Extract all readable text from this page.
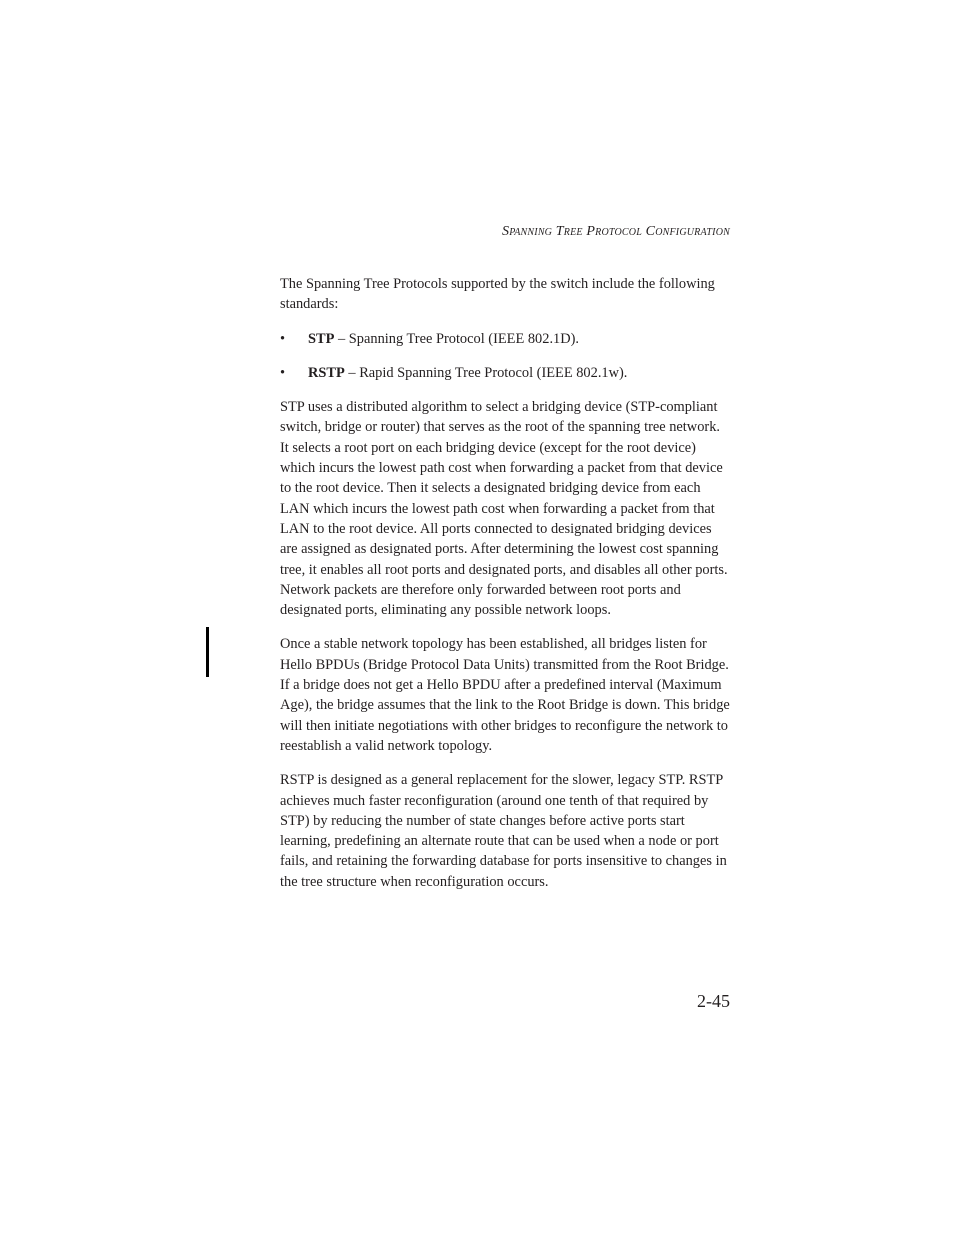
Spanning Tree Protocol Configuration

The Spanning Tree Protocols supported by the switch include the following standards:

• STP – Spanning Tree Protocol (IEEE 802.1D).
• RSTP – Rapid Spanning Tree Protocol (IEEE 802.1w).

STP uses a distributed algorithm to select a bridging device (STP-compliant switch, bridge or router) that serves as the root of the spanning tree network. It selects a root port on each bridging device (except for the root device) which incurs the lowest path cost when forwarding a packet from that device to the root device. Then it selects a designated bridging device from each LAN which incurs the lowest path cost when forwarding a packet from that LAN to the root device. All ports connected to designated bridging devices are assigned as designated ports. After determining the lowest cost spanning tree, it enables all root ports and designated ports, and disables all other ports. Network packets are therefore only forwarded between root ports and designated ports, eliminating any possible network loops.

Once a stable network topology has been established, all bridges listen for Hello BPDUs (Bridge Protocol Data Units) transmitted from the Root Bridge. If a bridge does not get a Hello BPDU after a predefined interval (Maximum Age), the bridge assumes that the link to the Root Bridge is down. This bridge will then initiate negotiations with other bridges to reconfigure the network to reestablish a valid network topology.

RSTP is designed as a general replacement for the slower, legacy STP. RSTP achieves much faster reconfiguration (around one tenth of that required by STP) by reducing the number of state changes before active ports start learning, predefining an alternate route that can be used when a node or port fails, and retaining the forwarding database for ports insensitive to changes in the tree structure when reconfiguration occurs.

2-45
